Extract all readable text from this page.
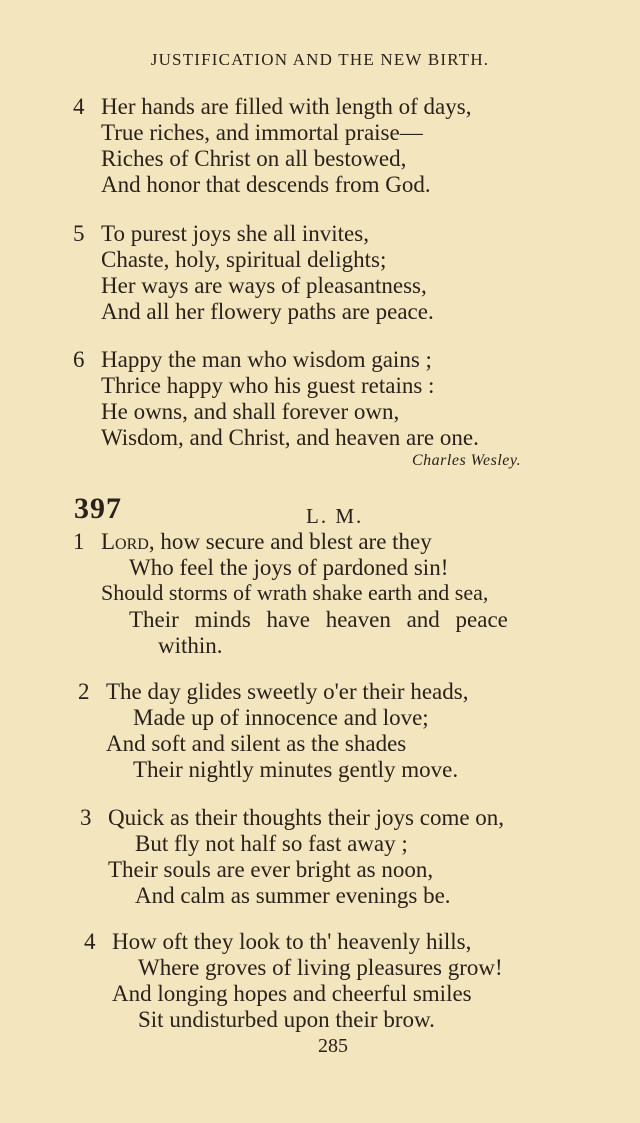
JUSTIFICATION AND THE NEW BIRTH.
4 Her hands are filled with length of days,
True riches, and immortal praise—
Riches of Christ on all bestowed,
And honor that descends from God.
5 To purest joys she all invites,
Chaste, holy, spiritual delights;
Her ways are ways of pleasantness,
And all her flowery paths are peace.
6 Happy the man who wisdom gains ;
Thrice happy who his guest retains :
He owns, and shall forever own,
Wisdom, and Christ, and heaven are one.
Charles Wesley.
397	L. M.
1 Lord, how secure and blest are they
Who feel the joys of pardoned sin!
Should storms of wrath shake earth and sea,
Their minds have heaven and peace
within.
2 The day glides sweetly o'er their heads,
Made up of innocence and love;
And soft and silent as the shades
Their nightly minutes gently move.
3 Quick as their thoughts their joys come on,
But fly not half so fast away ;
Their souls are ever bright as noon,
And calm as summer evenings be.
4 How oft they look to th' heavenly hills,
Where groves of living pleasures grow!
And longing hopes and cheerful smiles
Sit undisturbed upon their brow.
285
